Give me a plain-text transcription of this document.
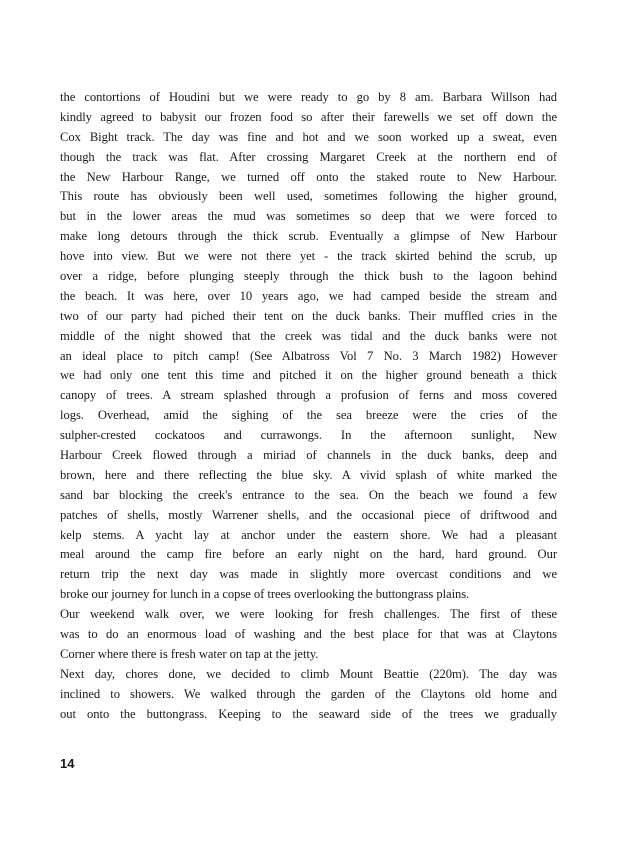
the contortions of Houdini but we were ready to go by 8 am. Barbara Willson had
kindly agreed to babysit our frozen food so after their farewells we set off down the
Cox Bight track. The day was fine and hot and we soon worked up a sweat, even
though the track was flat. After crossing Margaret Creek at the northern end of
the New Harbour Range, we turned off onto the staked route to New Harbour.
This route has obviously been well used, sometimes following the higher ground,
but in the lower areas the mud was sometimes so deep that we were forced to
make long detours through the thick scrub. Eventually a glimpse of New Harbour
hove into view. But we were not there yet - the track skirted behind the scrub, up
over a ridge, before plunging steeply through the thick bush to the lagoon behind
the beach. It was here, over 10 years ago, we had camped beside the stream and
two of our party had piched their tent on the duck banks. Their muffled cries in the
middle of the night showed that the creek was tidal and the duck banks were not
an ideal place to pitch camp! (See Albatross Vol 7 No. 3 March 1982) However
we had only one tent this time and pitched it on the higher ground beneath a thick
canopy of trees. A stream splashed through a profusion of ferns and moss covered
logs. Overhead, amid the sighing of the sea breeze were the cries of the
sulpher-crested cockatoos and currawongs. In the afternoon sunlight, New
Harbour Creek flowed through a miriad of channels in the duck banks, deep and
brown, here and there reflecting the blue sky. A vivid splash of white marked the
sand bar blocking the creek's entrance to the sea. On the beach we found a few
patches of shells, mostly Warrener shells, and the occasional piece of driftwood and
kelp stems. A yacht lay at anchor under the eastern shore. We had a pleasant
meal around the camp fire before an early night on the hard, hard ground. Our
return trip the next day was made in slightly more overcast conditions and we
broke our journey for lunch in a copse of trees overlooking the buttongrass plains.
Our weekend walk over, we were looking for fresh challenges. The first of these
was to do an enormous load of washing and the best place for that was at Claytons
Corner where there is fresh water on tap at the jetty.
Next day, chores done, we decided to climb Mount Beattie (220m). The day was
inclined to showers. We walked through the garden of the Claytons old home and
out onto the buttongrass. Keeping to the seaward side of the trees we gradually
14
